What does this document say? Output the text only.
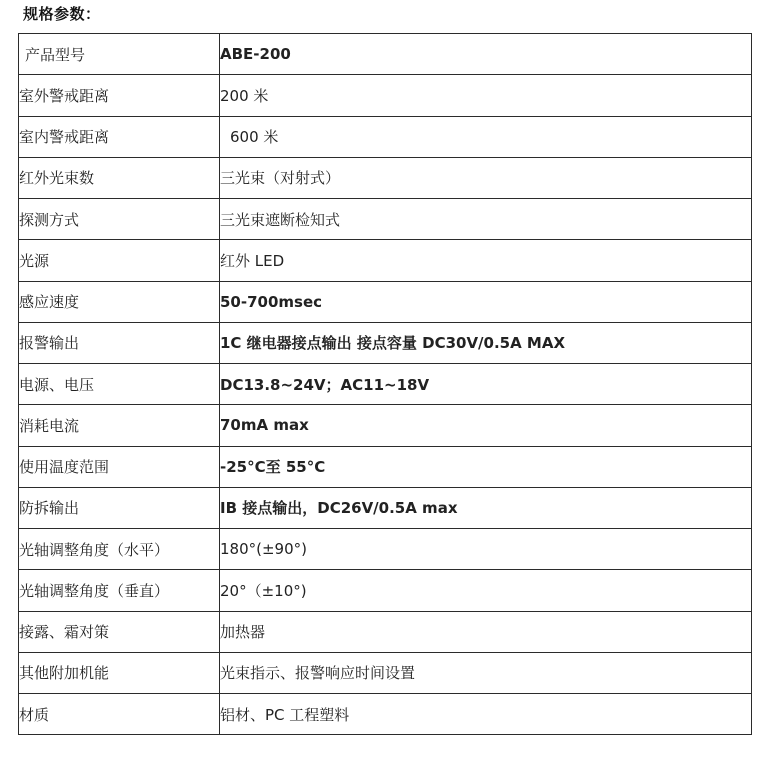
规格参数：
产品型号	ABE-200
室外警戒距离	200 米
室内警戒距离	600 米
红外光束数	三光束（对射式）
探测方式	三光束遮断检知式
光源	红外 LED
感应速度	50-700msec
报警输出	1C 继电器接点输出 接点容量 DC30V/0.5A MAX
电源、电压	DC13.8~24V；AC11~18V
消耗电流	70mA max
使用温度范围	-25°C至 55°C
防拆输出	IB 接点输出，DC26V/0.5A max
光轴调整角度（水平）	180°(±90°)
光轴调整角度（垂直）	20°（±10°)
接露、霜对策	加热器
其他附加机能	光束指示、报警响应时间设置
材质	铝材、PC 工程塑料
